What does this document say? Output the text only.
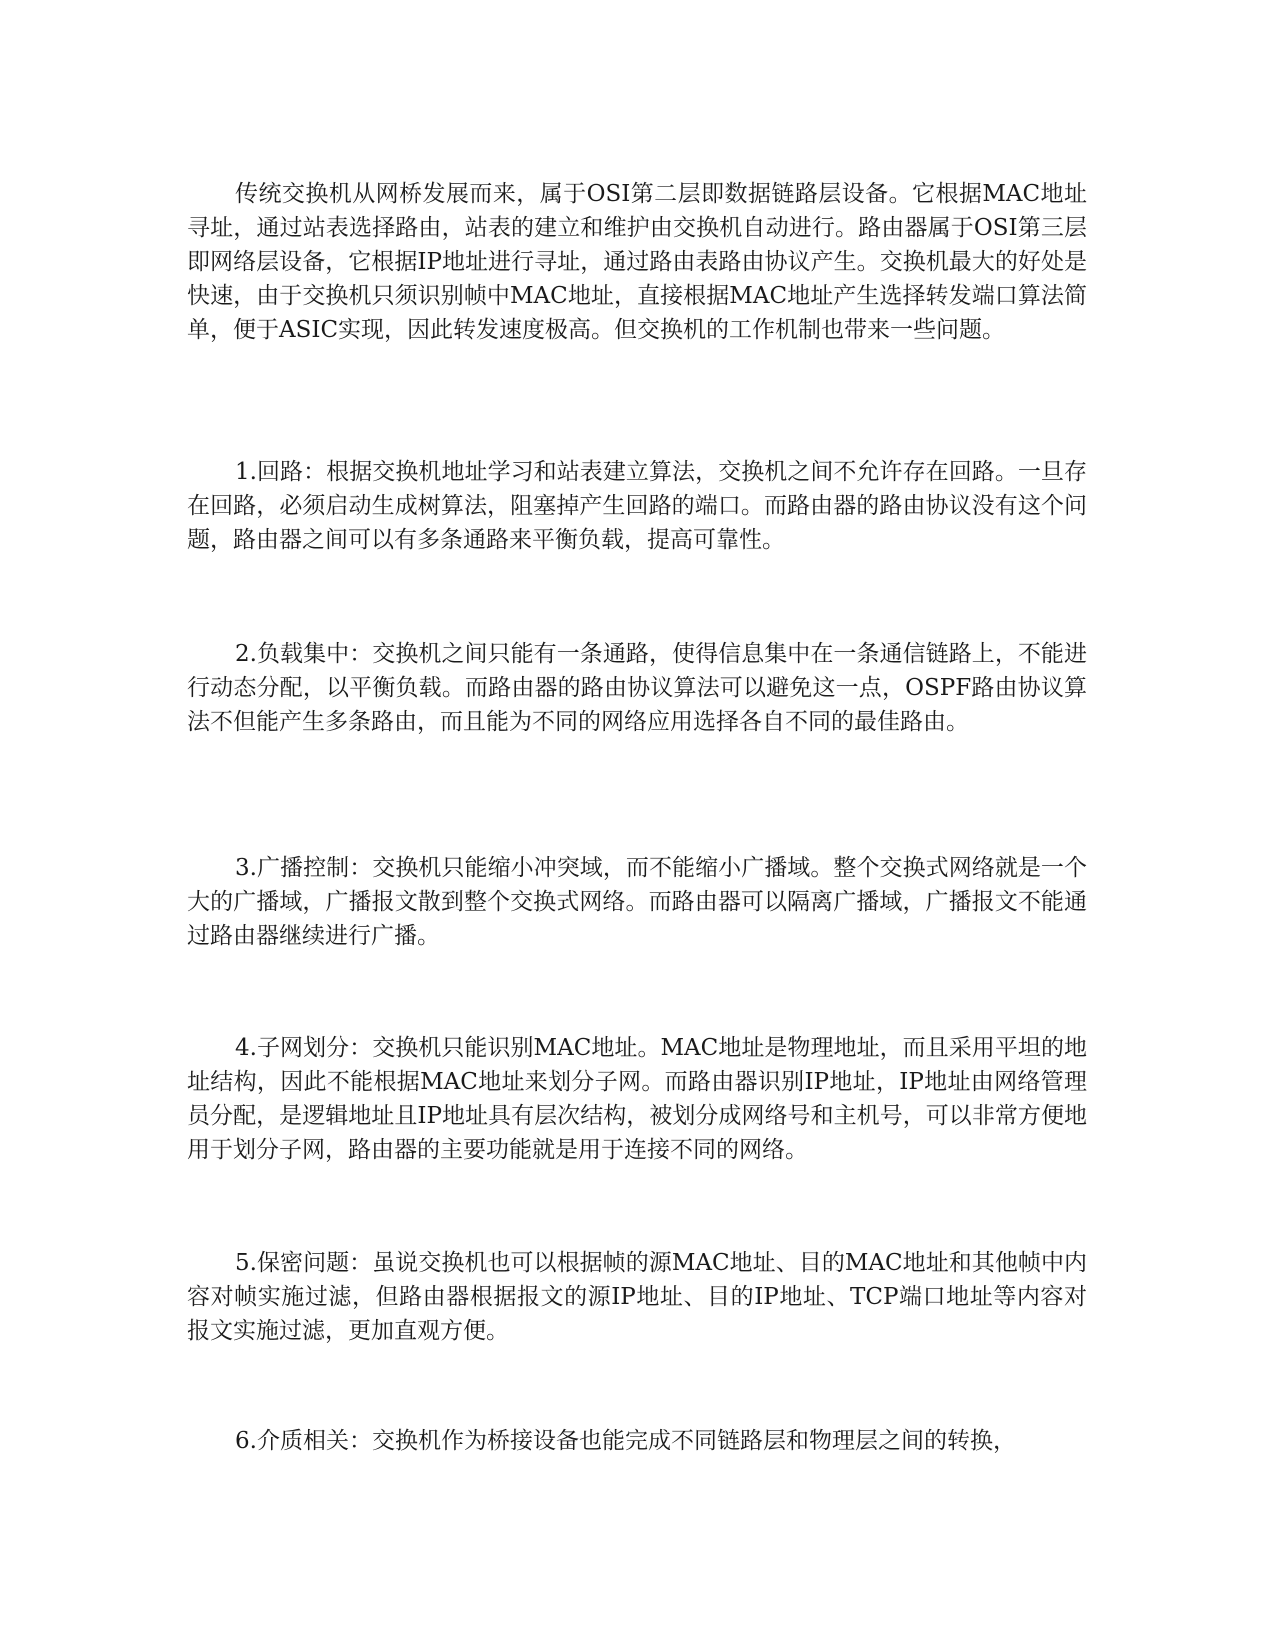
传统交换机从网桥发展而来，属于OSI第二层即数据链路层设备。它根据MAC地址寻址，通过站表选择路由，站表的建立和维护由交换机自动进行。路由器属于OSI第三层即网络层设备，它根据IP地址进行寻址，通过路由表路由协议产生。交换机最大的好处是快速，由于交换机只须识别帧中MAC地址，直接根据MAC地址产生选择转发端口算法简单，便于ASIC实现，因此转发速度极高。但交换机的工作机制也带来一些问题。

1.回路：根据交换机地址学习和站表建立算法，交换机之间不允许存在回路。一旦存在回路，必须启动生成树算法，阻塞掉产生回路的端口。而路由器的路由协议没有这个问题，路由器之间可以有多条通路来平衡负载，提高可靠性。

2.负载集中：交换机之间只能有一条通路，使得信息集中在一条通信链路上，不能进行动态分配，以平衡负载。而路由器的路由协议算法可以避免这一点，OSPF路由协议算法不但能产生多条路由，而且能为不同的网络应用选择各自不同的最佳路由。

3.广播控制：交换机只能缩小冲突域，而不能缩小广播域。整个交换式网络就是一个大的广播域，广播报文散到整个交换式网络。而路由器可以隔离广播域，广播报文不能通过路由器继续进行广播。

4.子网划分：交换机只能识别MAC地址。MAC地址是物理地址，而且采用平坦的地址结构，因此不能根据MAC地址来划分子网。而路由器识别IP地址，IP地址由网络管理员分配，是逻辑地址且IP地址具有层次结构，被划分成网络号和主机号，可以非常方便地用于划分子网，路由器的主要功能就是用于连接不同的网络。

5.保密问题：虽说交换机也可以根据帧的源MAC地址、目的MAC地址和其他帧中内容对帧实施过滤，但路由器根据报文的源IP地址、目的IP地址、TCP端口地址等内容对报文实施过滤，更加直观方便。

6.介质相关：交换机作为桥接设备也能完成不同链路层和物理层之间的转换，
